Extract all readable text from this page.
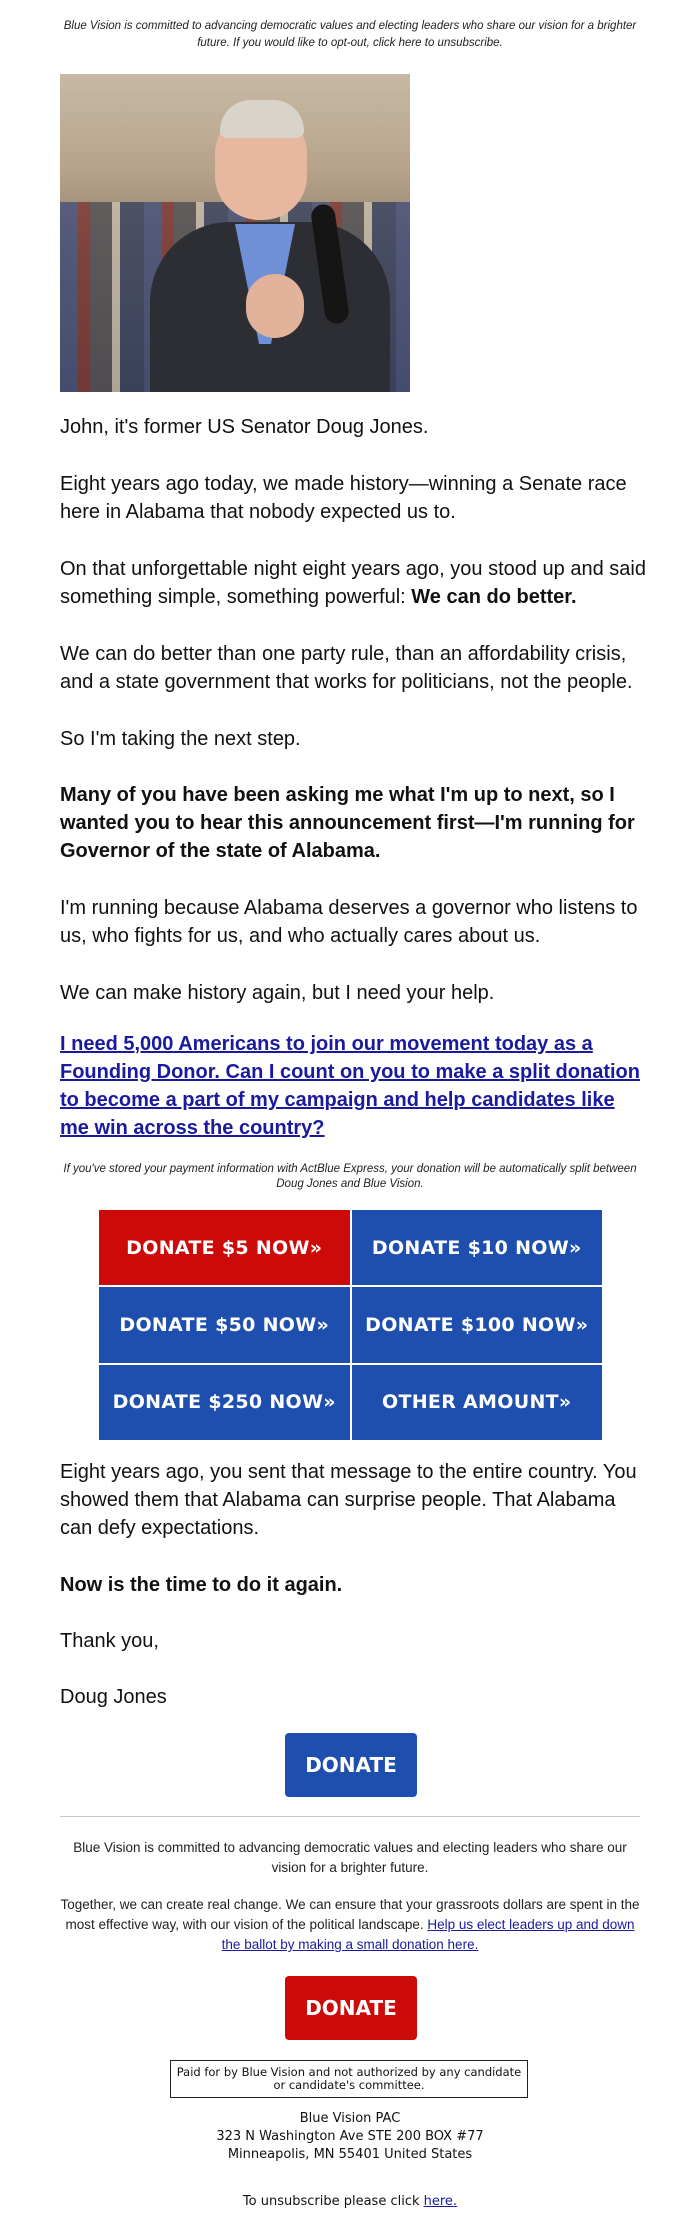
Blue Vision is committed to advancing democratic values and electing leaders who share our vision for a brighter future. If you would like to opt-out, click here to unsubscribe.

John, it's former US Senator Doug Jones.

Eight years ago today, we made history—winning a Senate race here in Alabama that nobody expected us to.

On that unforgettable night eight years ago, you stood up and said something simple, something powerful: We can do better.

We can do better than one party rule, than an affordability crisis, and a state government that works for politicians, not the people.

So I'm taking the next step.

Many of you have been asking me what I'm up to next, so I wanted you to hear this announcement first—I'm running for Governor of the state of Alabama.

I'm running because Alabama deserves a governor who listens to us, who fights for us, and who actually cares about us.

We can make history again, but I need your help.

I need 5,000 Americans to join our movement today as a Founding Donor. Can I count on you to make a split donation to become a part of my campaign and help candidates like me win across the country?
If you've stored your payment information with ActBlue Express, your donation will be automatically split between Doug Jones and Blue Vision.
DONATE $5 NOW»	DONATE $10 NOW»
DONATE $50 NOW»	DONATE $100 NOW»
DONATE $250 NOW»	OTHER AMOUNT»

Eight years ago, you sent that message to the entire country. You showed them that Alabama can surprise people. That Alabama can defy expectations.

Now is the time to do it again.

Thank you,

Doug Jones

DONATE

Blue Vision is committed to advancing democratic values and electing leaders who share our vision for a brighter future.

Together, we can create real change. We can ensure that your grassroots dollars are spent in the most effective way, with our vision of the political landscape. Help us elect leaders up and down the ballot by making a small donation here.

DONATE
Paid for by Blue Vision and not authorized by any candidate or candidate's committee.
Blue Vision PAC
323 N Washington Ave STE 200 BOX #77
Minneapolis, MN 55401 United States
To unsubscribe please click here.
